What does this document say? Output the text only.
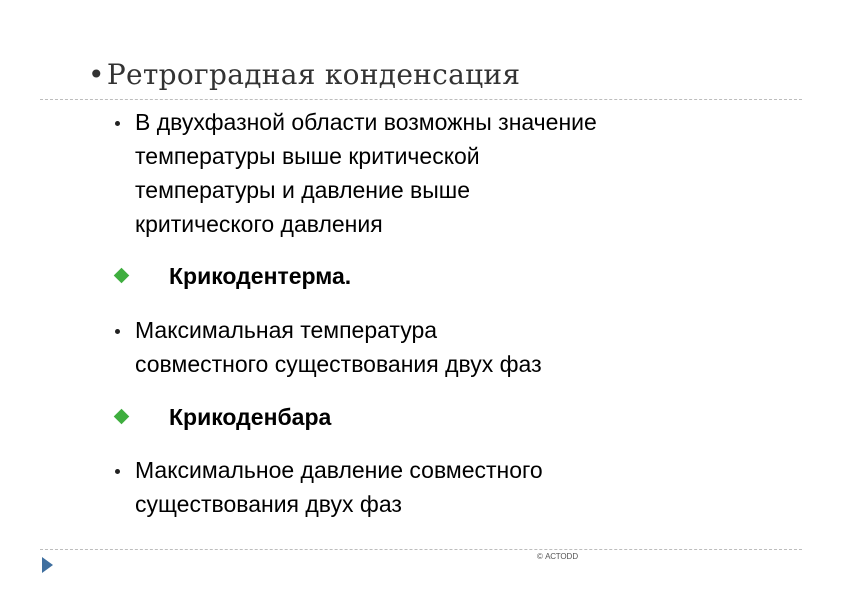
•Ретроградная конденсация
В двухфазной области возможны значение
температуры выше критической
температуры и давление выше
критического давления
Крикодентерма.
Максимальная температура
совместного существования двух фаз
Крикоденбара
Максимальное давление совместного
существования двух фаз
© АСТОDD
